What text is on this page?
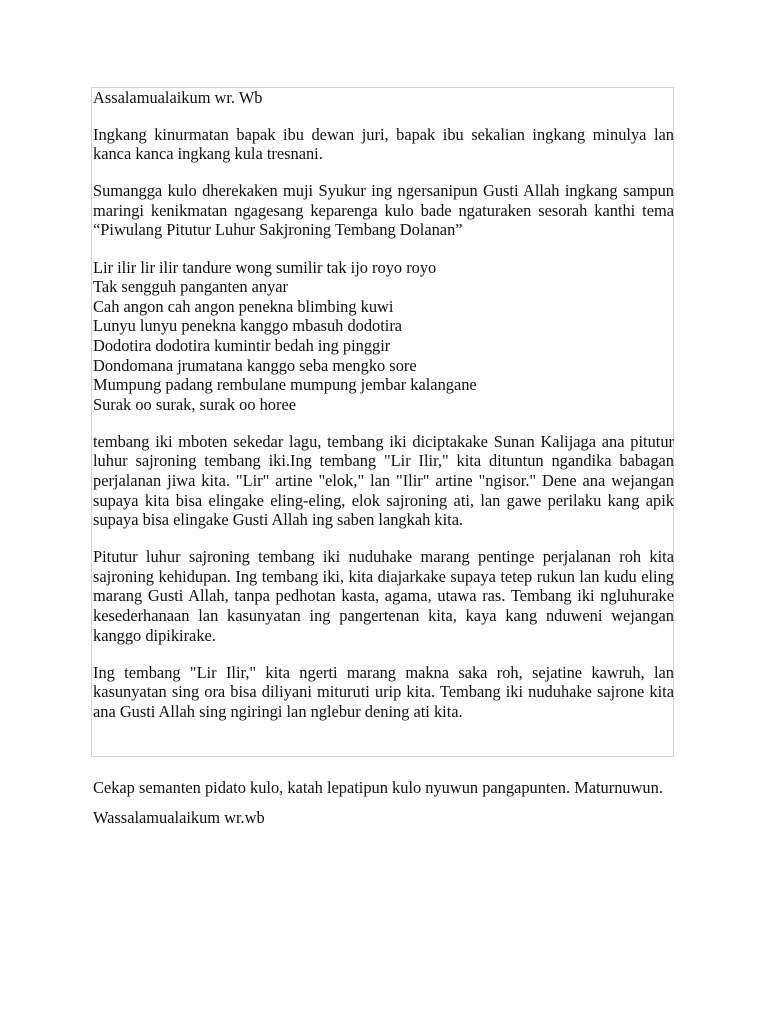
Assalamualaikum wr. Wb

Ingkang kinurmatan bapak ibu dewan juri, bapak ibu sekalian ingkang minulya lan kanca kanca ingkang kula tresnani.

Sumangga kulo dherekaken muji Syukur ing ngersanipun Gusti Allah ingkang sampun maringi kenikmatan ngagesang keparenga kulo bade ngaturaken sesorah kanthi tema “Piwulang Pitutur Luhur Sakjroning Tembang Dolanan”

Lir ilir lir ilir tandure wong sumilir tak ijo royo royo
Tak sengguh panganten anyar
Cah angon cah angon penekna blimbing kuwi
Lunyu lunyu penekna kanggo mbasuh dodotira
Dodotira dodotira kumintir bedah ing pinggir
Dondomana jrumatana kanggo seba mengko sore
Mumpung padang rembulane mumpung jembar kalangane
Surak oo surak, surak oo horee

tembang iki mboten sekedar lagu, tembang iki diciptakake Sunan Kalijaga ana pitutur luhur sajroning tembang iki.Ing tembang "Lir Ilir," kita dituntun ngandika babagan perjalanan jiwa kita. "Lir" artine "elok," lan "Ilir" artine "ngisor." Dene ana wejangan supaya kita bisa elingake eling-eling, elok sajroning ati, lan gawe perilaku kang apik supaya bisa elingake Gusti Allah ing saben langkah kita.

Pitutur luhur sajroning tembang iki nuduhake marang pentinge perjalanan roh kita sajroning kehidupan. Ing tembang iki, kita diajarkake supaya tetep rukun lan kudu eling marang Gusti Allah, tanpa pedhotan kasta, agama, utawa ras. Tembang iki ngluhurake kesederhanaan lan kasunyatan ing pangertenan kita, kaya kang nduweni wejangan kanggo dipikirake.

Ing tembang "Lir Ilir," kita ngerti marang makna saka roh, sejatine kawruh, lan kasunyatan sing ora bisa diliyani mituruti urip kita. Tembang iki nuduhake sajrone kita ana Gusti Allah sing ngiringi lan nglebur dening ati kita.

Cekap semanten pidato kulo, katah lepatipun kulo nyuwun pangapunten. Maturnuwun.

Wassalamualaikum wr.wb
